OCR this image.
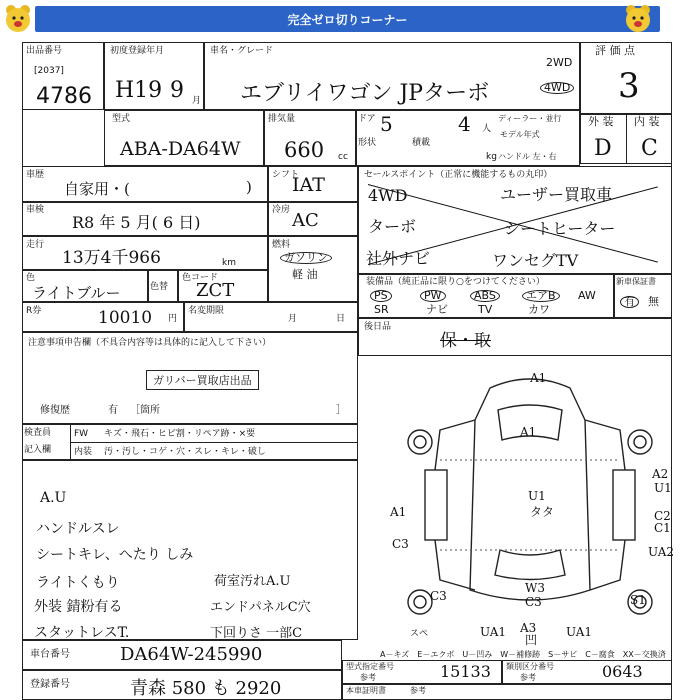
完全ゼロ切りコーナー
出品番号
[2037]
4786
初度登録年月
H19 9 月
車名・グレード
エブリイワゴン JPターボ
2WD
4WD
評 価 点
3
外 装 内 装
D C
型式
ABA-DA64W
排気量
660 cc
ドア 5	4 人
形状	積載
kg
ディーラー・並行
モデル年式
ハンドル 左・右
車歴
自家用・(	)
シフト
IAT
車検
R8 年 5 月( 6 日)
冷房 AC
走行
13万4千966	km
燃料
ガソリン
軽 油
色
ライトブルー	色替
色コード
ZCT
R券	10010 円
名変期限
月	日
セールスポイント（正常に機能するもの丸印）
4WD	ユーザー買取車
ターボ	シートヒーター
社外ナビ	ワンセグTV
装備品（純正品に限り○をつけてください）
PS	PW	ABS	エアB	AW
SR	ナビ	TV	カワ
新車保証書
有	無
後日品
保・取
注意事項申告欄（不具合内容等は具体的に記入して下さい）
ガリバー買取店出品
修復歴	有 ［箇所	］
検査員
記入欄
FW キズ・飛石・ヒビ割・リペア跡・×要
内装 汚・汚し・コゲ・穴・スレ・キレ・破し
A.U
ハンドルスレ
シートキレ、へたり しみ
ライトくもり
外装 錆粉有る
スタットレスT.
荷室汚れA.U
エンドパネルC穴
下回りさ 一部C
A1
A1
U1
タタ
A1
C3
A2
U1
C2
C1
UA2
C3
W3
C3	S1
UA1 A3
凹
UA1
スペ
A－キズ　E－エクボ　U－凹み　W－補修跡　S－サビ　C－腐食　XX－交換済
車台番号	DA64W-245990
登録番号	青森 580 も 2920
型式指定番号
参考	15133 類別区分番号
参考	0643
本車証明書	参考
